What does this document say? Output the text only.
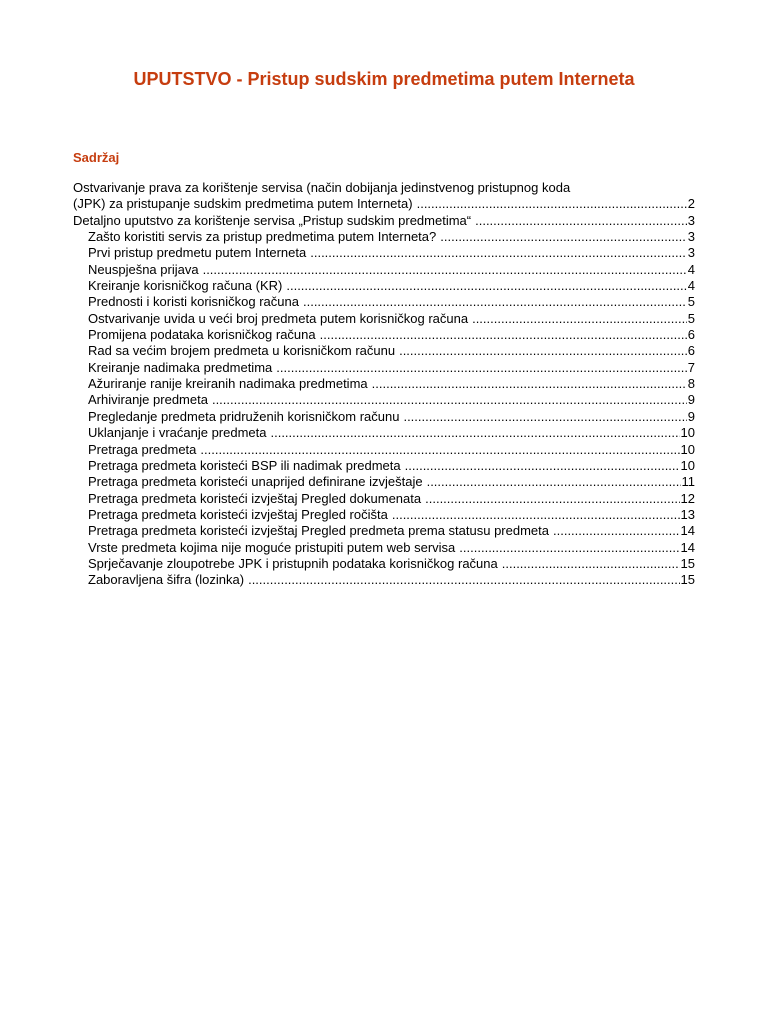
UPUTSTVO - Pristup sudskim predmetima putem Interneta
Sadržaj
Ostvarivanje prava za korištenje servisa (način dobijanja jedinstvenog pristupnog koda
(JPK) za pristupanje sudskim predmetima putem Interneta) .....	2
Detaljno uputstvo za korištenje servisa „Pristup sudskim predmetima“ .....	3
Zašto koristiti servis za pristup predmetima putem Interneta? .....	3
Prvi pristup predmetu putem Interneta .....	3
Neuspješna prijava .....	4
Kreiranje korisničkog računa (KR) .....	4
Prednosti i koristi korisničkog računa .....	5
Ostvarivanje uvida u veći broj predmeta putem korisničkog računa .....	5
Promijena podataka korisničkog računa .....	6
Rad sa većim brojem predmeta u korisničkom računu .....	6
Kreiranje nadimaka predmetima .....	7
Ažuriranje ranije kreiranih nadimaka predmetima .....	8
Arhiviranje predmeta .....	9
Pregledanje predmeta pridruženih korisničkom računu .....	9
Uklanjanje i vraćanje predmeta .....	10
Pretraga predmeta .....	10
Pretraga predmeta koristeći BSP ili nadimak predmeta .....	10
Pretraga predmeta koristeći unaprijed definirane izvještaje .....	11
Pretraga predmeta koristeći izvještaj Pregled dokumenata .....	12
Pretraga predmeta koristeći izvještaj Pregled ročišta .....	13
Pretraga predmeta koristeći izvještaj Pregled predmeta prema statusu predmeta .....	14
Vrste predmeta kojima nije moguće pristupiti putem web servisa .....	14
Sprječavanje zloupotrebe JPK i pristupnih podataka korisničkog računa .....	15
Zaboravljena šifra (lozinka) .....	15
